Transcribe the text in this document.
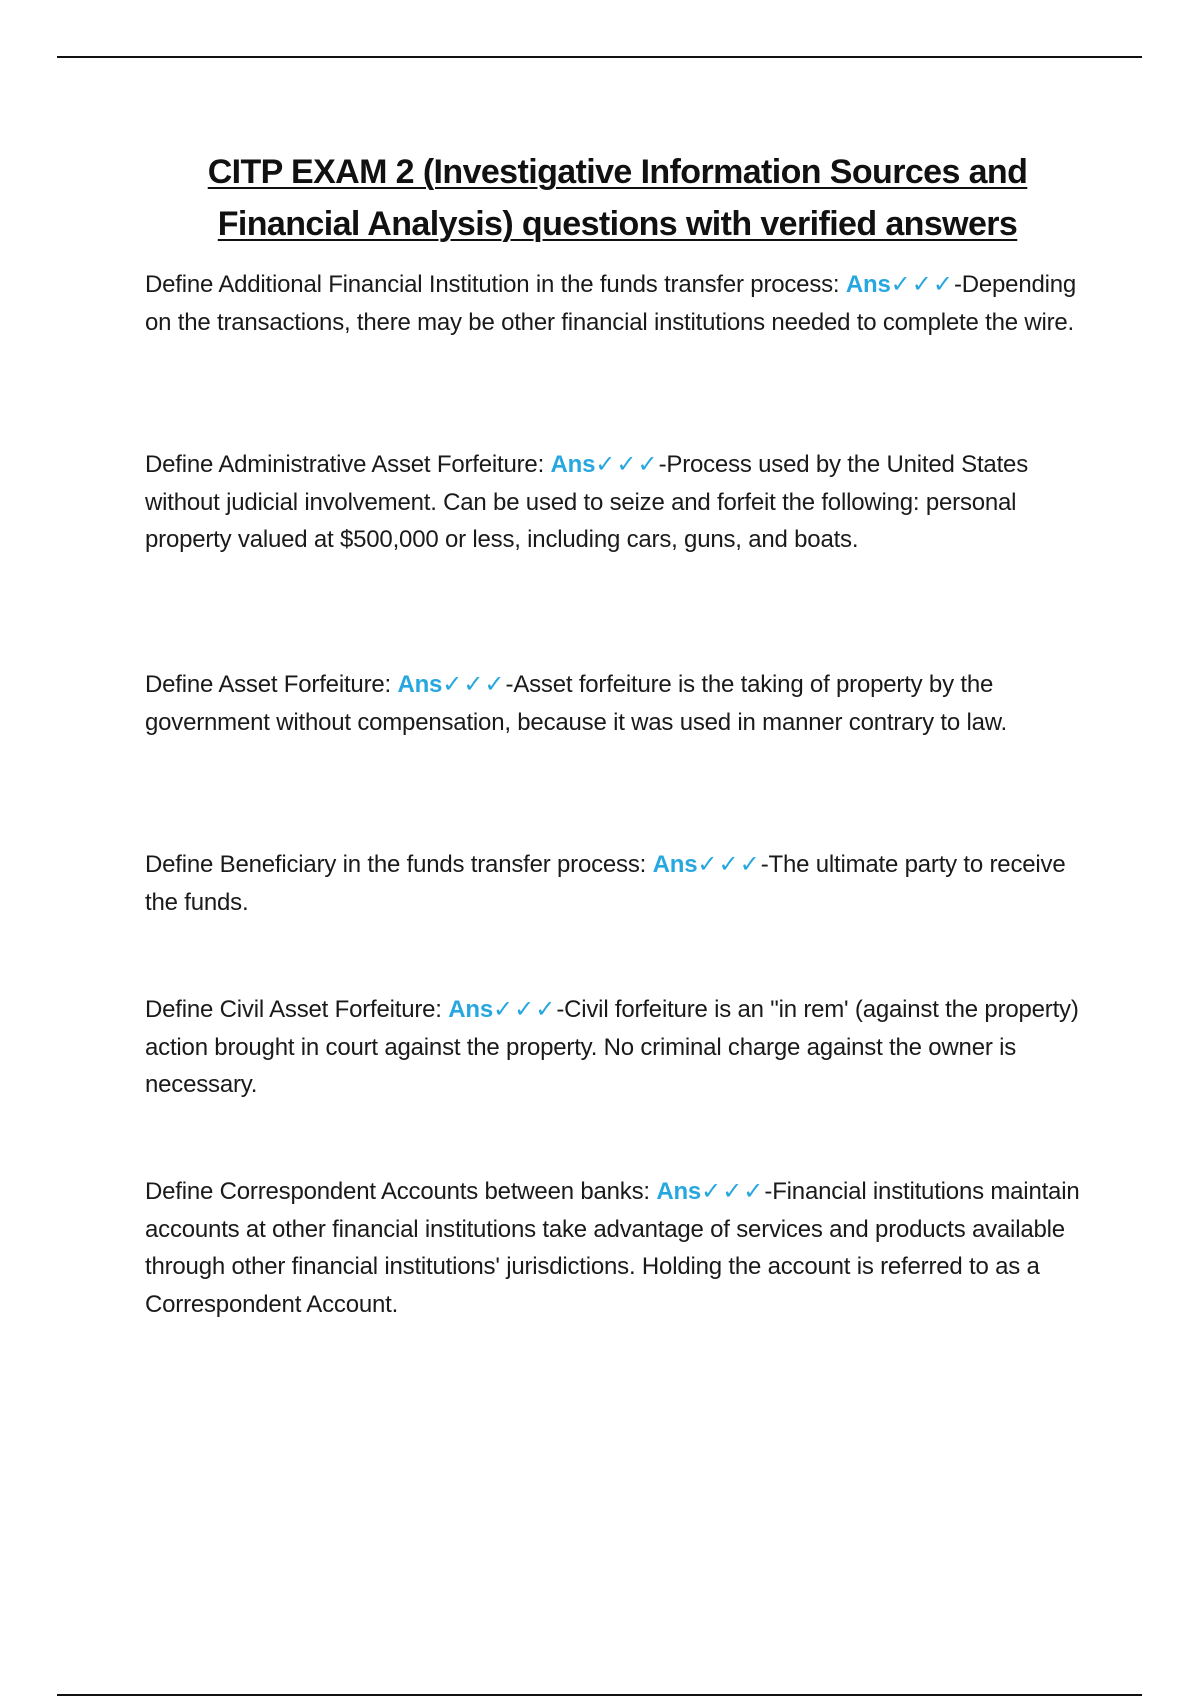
CITP EXAM 2 (Investigative Information Sources and
Financial Analysis) questions with verified answers

Define Additional Financial Institution in the funds transfer process: Ans✓✓✓-Depending on the transactions, there may be other financial institutions needed to complete the wire.

Define Administrative Asset Forfeiture: Ans✓✓✓-Process used by the United States without judicial involvement. Can be used to seize and forfeit the following: personal property valued at $500,000 or less, including cars, guns, and boats.

Define Asset Forfeiture: Ans✓✓✓-Asset forfeiture is the taking of property by the government without compensation, because it was used in manner contrary to law.

Define Beneficiary in the funds transfer process: Ans✓✓✓-The ultimate party to receive the funds.

Define Civil Asset Forfeiture: Ans✓✓✓-Civil forfeiture is an "in rem' (against the property) action brought in court against the property. No criminal charge against the owner is necessary.

Define Correspondent Accounts between banks: Ans✓✓✓-Financial institutions maintain accounts at other financial institutions take advantage of services and products available through other financial institutions' jurisdictions. Holding the account is referred to as a Correspondent Account.
